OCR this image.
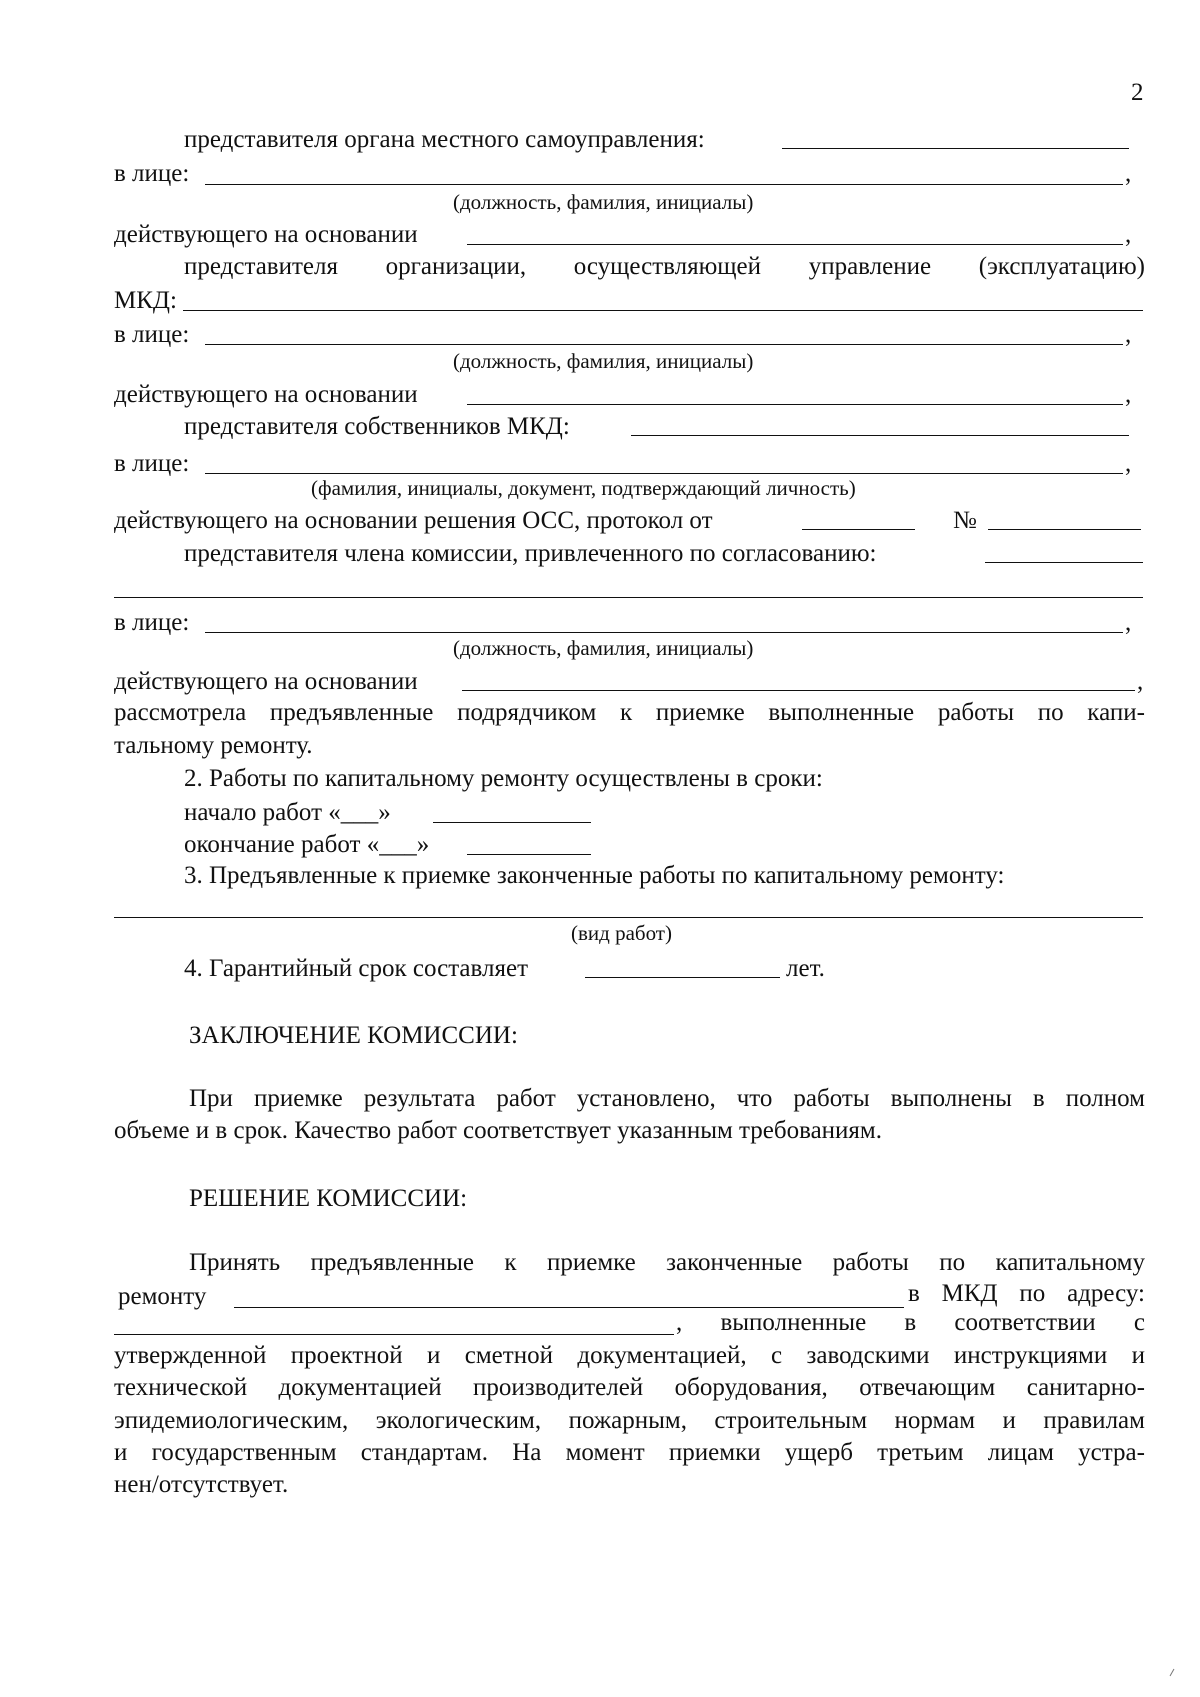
2
представителя органа местного самоуправления:
в лице:	,
(должность, фамилия, инициалы)
действующего на основании	,
представителя организации, осуществляющей управление (эксплуатацию)
МКД:
в лице:	,
(должность, фамилия, инициалы)
действующего на основании	,
представителя собственников МКД:
в лице:	,
(фамилия, инициалы, документ, подтверждающий личность)
действующего на основании решения ОСС, протокол от	№
представителя члена комиссии, привлеченного по согласованию:
в лице:	,
(должность, фамилия, инициалы)
действующего на основании	,
рассмотрела предъявленные подрядчиком к приемке выполненные работы по капи-
тальному ремонту.
2. Работы по капитальному ремонту осуществлены в сроки:
начало работ «___»
окончание работ «___»
3. Предъявленные к приемке законченные работы по капитальному ремонту:
(вид работ)
4. Гарантийный срок составляет	лет.
ЗАКЛЮЧЕНИЕ КОМИССИИ:
При приемке результата работ установлено, что работы выполнены в полном
объеме и в срок. Качество работ соответствует указанным требованиям.
РЕШЕНИЕ КОМИССИИ:
Принять предъявленные к приемке законченные работы по капитальному
ремонту	в МКД по адресу:
, выполненные в соответствии с
утвержденной проектной и сметной документацией, с заводскими инструкциями и
технической документацией производителей оборудования, отвечающим санитарно-
эпидемиологическим, экологическим, пожарным, строительным нормам и правилам
и государственным стандартам. На момент приемки ущерб третьим лицам устра-
нен/отсутствует.
